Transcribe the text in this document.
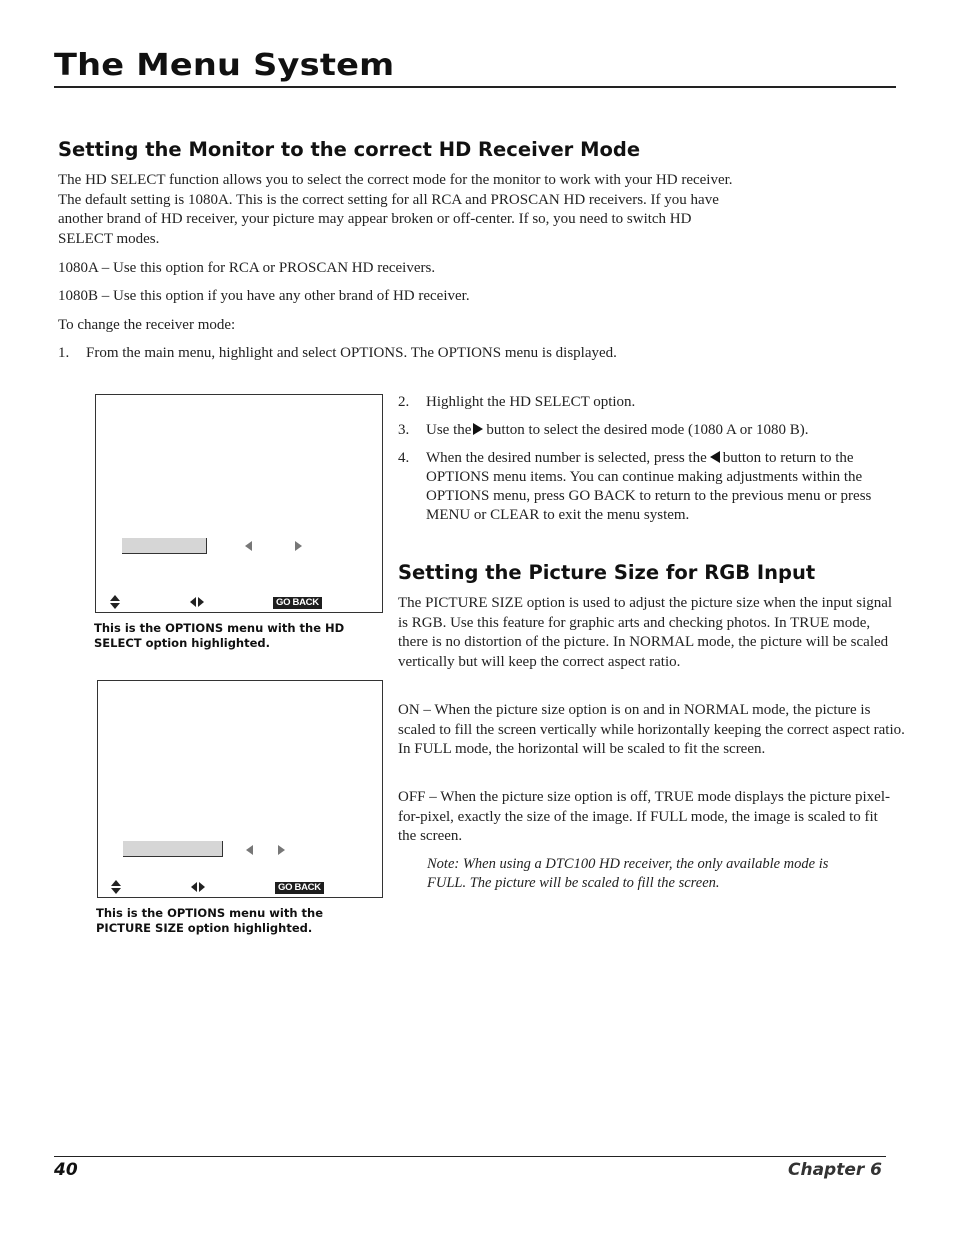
The Menu System
Setting the Monitor to the correct HD Receiver Mode
The HD SELECT function allows you to select the correct mode for the monitor to work with your HD receiver. The default setting is 1080A. This is the correct setting for all RCA and PROSCAN HD receivers. If you have another brand of HD receiver, your picture may appear broken or off-center. If so, you need to switch HD SELECT modes.
1080A – Use this option for RCA or PROSCAN HD receivers.
1080B – Use this option if you have any other brand of HD receiver.
To change the receiver mode:
1. From the main menu, highlight and select OPTIONS. The OPTIONS menu is displayed.
GO BACK
This is the OPTIONS menu with the HD SELECT option highlighted.
GO BACK
This is the OPTIONS menu with the PICTURE SIZE option highlighted.
2. Highlight the HD SELECT option.
3. Use the button to select the desired mode (1080 A or 1080 B).
4. When the desired number is selected, press the button to return to the OPTIONS menu items. You can continue making adjustments within the OPTIONS menu, press GO BACK to return to the previous menu or press MENU or CLEAR to exit the menu system.
Setting the Picture Size for RGB Input
The PICTURE SIZE option is used to adjust the picture size when the input signal is RGB. Use this feature for graphic arts and checking photos. In TRUE mode, there is no distortion of the picture. In NORMAL mode, the picture will be scaled vertically but will keep the correct aspect ratio.
ON – When the picture size option is on and in NORMAL mode, the picture is scaled to fill the screen vertically while horizontally keeping the correct aspect ratio. In FULL mode, the horizontal will be scaled to fit the screen.
OFF – When the picture size option is off, TRUE mode displays the picture pixel-for-pixel, exactly the size of the image. If FULL mode, the image is scaled to fit the screen.
Note: When using a DTC100 HD receiver, the only available mode is FULL. The picture will be scaled to fill the screen.
40	Chapter 6
